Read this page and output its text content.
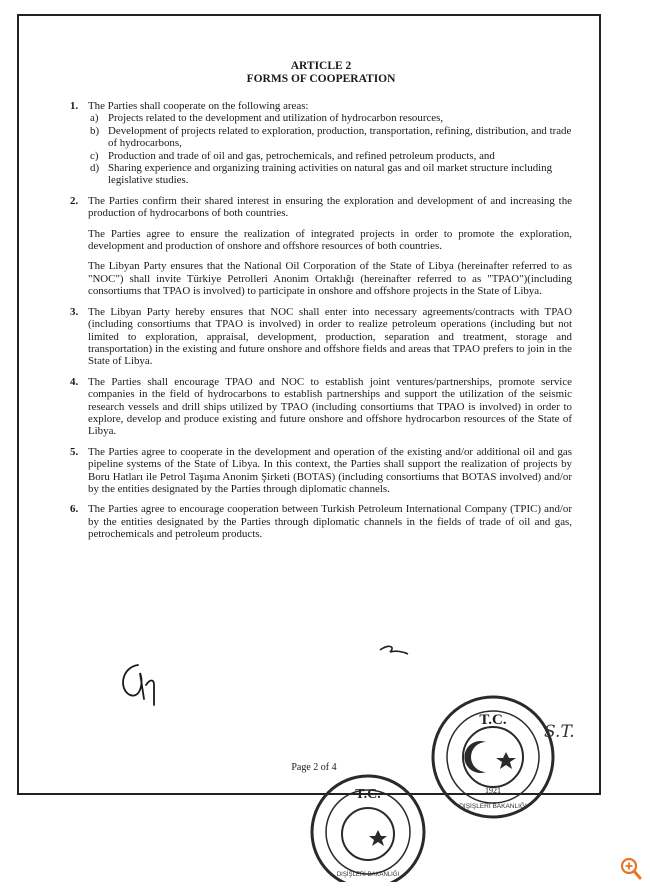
ARTICLE 2
FORMS OF COOPERATION
1. The Parties shall cooperate on the following areas:
a) Projects related to the development and utilization of hydrocarbon resources,
b) Development of projects related to exploration, production, transportation, refining, distribution, and trade of hydrocarbons,
c) Production and trade of oil and gas, petrochemicals, and refined petroleum products, and
d) Sharing experience and organizing training activities on natural gas and oil market structure including legislative studies.
2. The Parties confirm their shared interest in ensuring the exploration and development of and increasing the production of hydrocarbons of both countries.
The Parties agree to ensure the realization of integrated projects in order to promote the exploration, development and production of onshore and offshore resources of both countries.
The Libyan Party ensures that the National Oil Corporation of the State of Libya (hereinafter referred to as "NOC") shall invite Türkiye Petrolleri Anonim Ortaklığı (hereinafter referred to as "TPAO")(including consortiums that TPAO is involved) to participate in onshore and offshore projects in the State of Libya.
3. The Libyan Party hereby ensures that NOC shall enter into necessary agreements/contracts with TPAO (including consortiums that TPAO is involved) in order to realize petroleum operations (including but not limited to exploration, appraisal, development, production, separation and treatment, storage and transportation) in the existing and future onshore and offshore fields and areas that TPAO prefers to join in the State of Libya.
4. The Parties shall encourage TPAO and NOC to establish joint ventures/partnerships, promote service companies in the field of hydrocarbons to establish partnerships and support the utilization of the seismic research vessels and drill ships utilized by TPAO (including consortiums that TPAO is involved) in order to explore, develop and produce existing and future onshore and offshore hydrocarbon resources of the State of Libya.
5. The Parties agree to cooperate in the development and operation of the existing and/or additional oil and gas pipeline systems of the State of Libya. In this context, the Parties shall support the realization of projects by Boru Hatları ile Petrol Taşıma Anonim Şirketi (BOTAS) (including consortiums that BOTAS involved) and/or by the entities designated by the Parties through diplomatic channels.
6. The Parties agree to encourage cooperation between Turkish Petroleum International Company (TPIC) and/or by the entities designated by the Parties through diplomatic channels in the fields of trade of oil and gas, petrochemicals and petroleum products.
T.C.
1921
DIŞİŞLERİ BAKANLIĞI
S.T.
T.C.
DIŞİŞLERİ BAKANLIĞI
Page 2 of 4
